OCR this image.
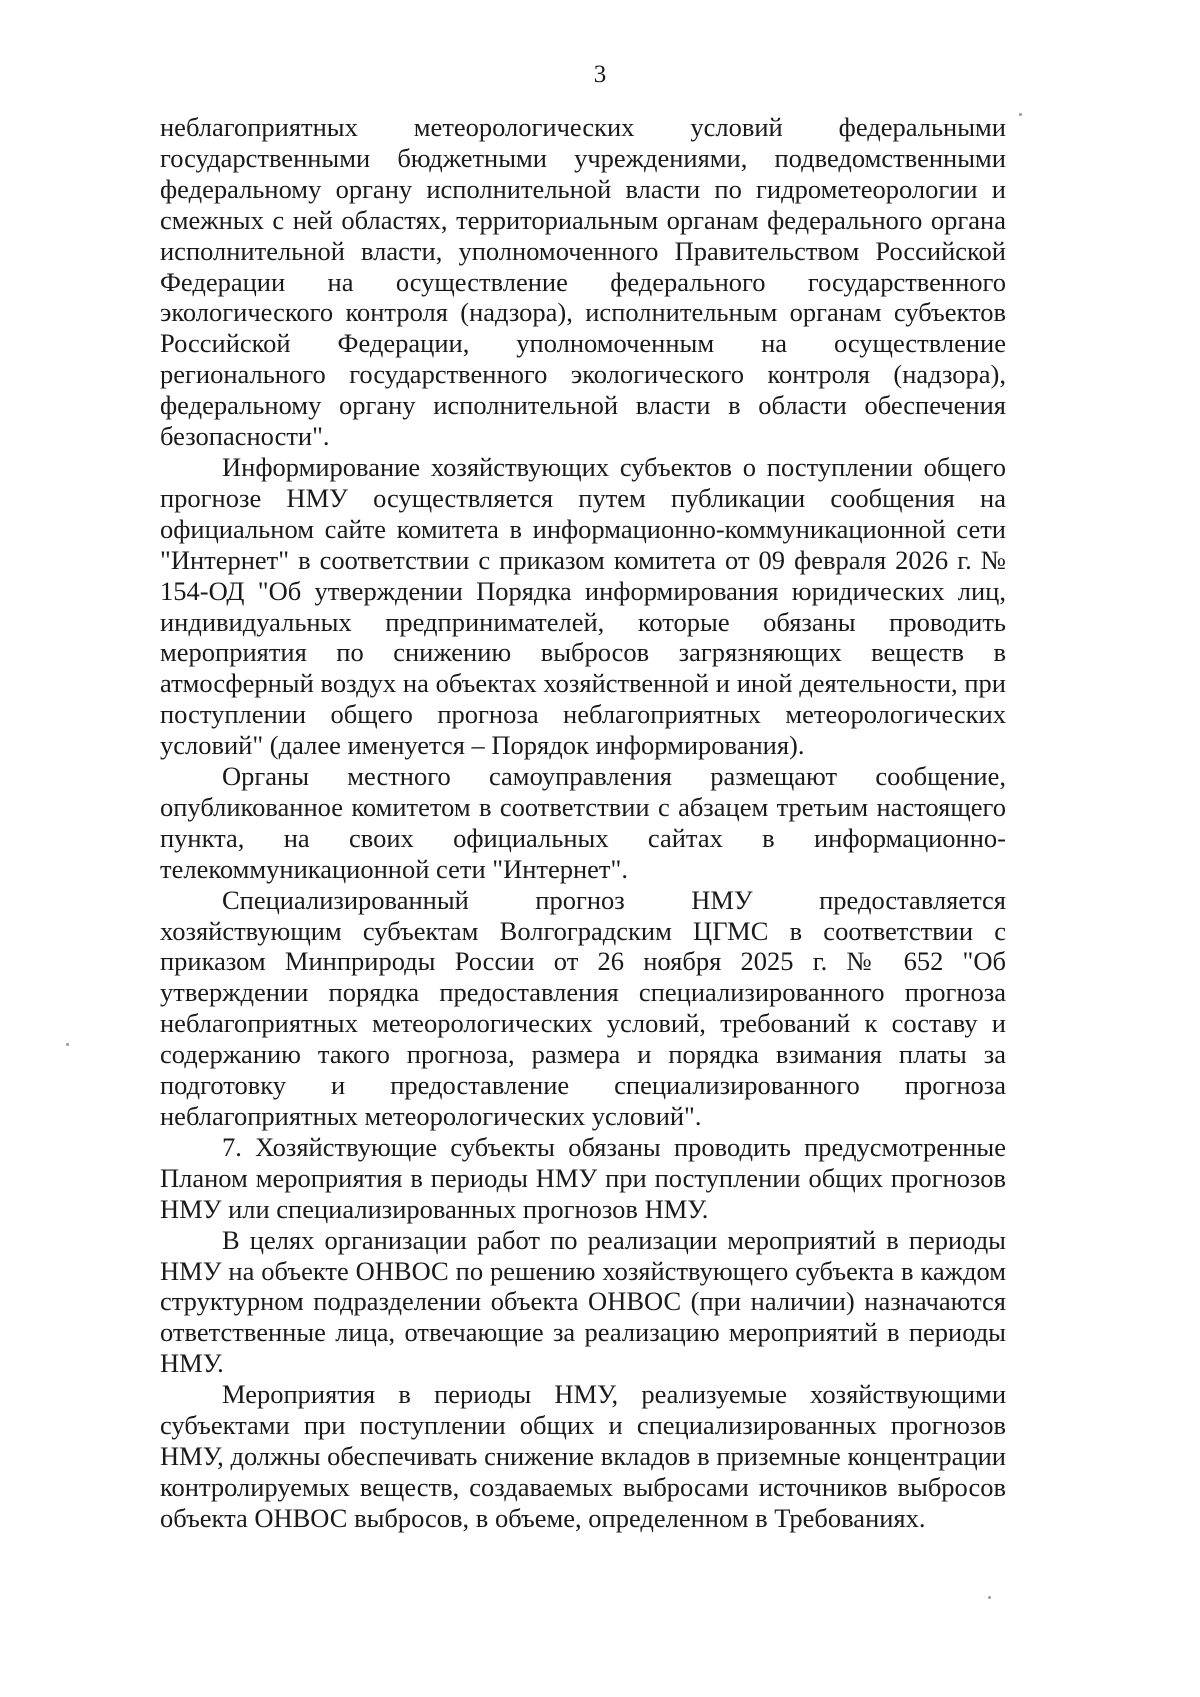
3

неблагоприятных метеорологических условий федеральными государственными бюджетными учреждениями, подведомственными федеральному органу исполнительной власти по гидрометеорологии и смежных с ней областях, территориальным органам федерального органа исполнительной власти, уполномоченного Правительством Российской Федерации на осуществление федерального государственного экологического контроля (надзора), исполнительным органам субъектов Российской Федерации, уполномоченным на осуществление регионального государственного экологического контроля (надзора), федеральному органу исполнительной власти в области обеспечения безопасности".

Информирование хозяйствующих субъектов о поступлении общего прогнозе НМУ осуществляется путем публикации сообщения на официальном сайте комитета в информационно-коммуникационной сети "Интернет" в соответствии с приказом комитета от 09 февраля 2026 г. № 154-ОД "Об утверждении Порядка информирования юридических лиц, индивидуальных предпринимателей, которые обязаны проводить мероприятия по снижению выбросов загрязняющих веществ в атмосферный воздух на объектах хозяйственной и иной деятельности, при поступлении общего прогноза неблагоприятных метеорологических условий" (далее именуется – Порядок информирования).

Органы местного самоуправления размещают сообщение, опубликованное комитетом в соответствии с абзацем третьим настоящего пункта, на своих официальных сайтах в информационно-телекоммуникационной сети "Интернет".

Специализированный прогноз НМУ предоставляется хозяйствующим субъектам Волгоградским ЦГМС в соответствии с приказом Минприроды России от 26 ноября 2025 г. № 652 "Об утверждении порядка предоставления специализированного прогноза неблагоприятных метеорологических условий, требований к составу и содержанию такого прогноза, размера и порядка взимания платы за подготовку и предоставление специализированного прогноза неблагоприятных метеорологических условий".

7. Хозяйствующие субъекты обязаны проводить предусмотренные Планом мероприятия в периоды НМУ при поступлении общих прогнозов НМУ или специализированных прогнозов НМУ.

В целях организации работ по реализации мероприятий в периоды НМУ на объекте ОНВОС по решению хозяйствующего субъекта в каждом структурном подразделении объекта ОНВОС (при наличии) назначаются ответственные лица, отвечающие за реализацию мероприятий в периоды НМУ.

Мероприятия в периоды НМУ, реализуемые хозяйствующими субъектами при поступлении общих и специализированных прогнозов НМУ, должны обеспечивать снижение вкладов в приземные концентрации контролируемых веществ, создаваемых выбросами источников выбросов объекта ОНВОС выбросов, в объеме, определенном в Требованиях.
